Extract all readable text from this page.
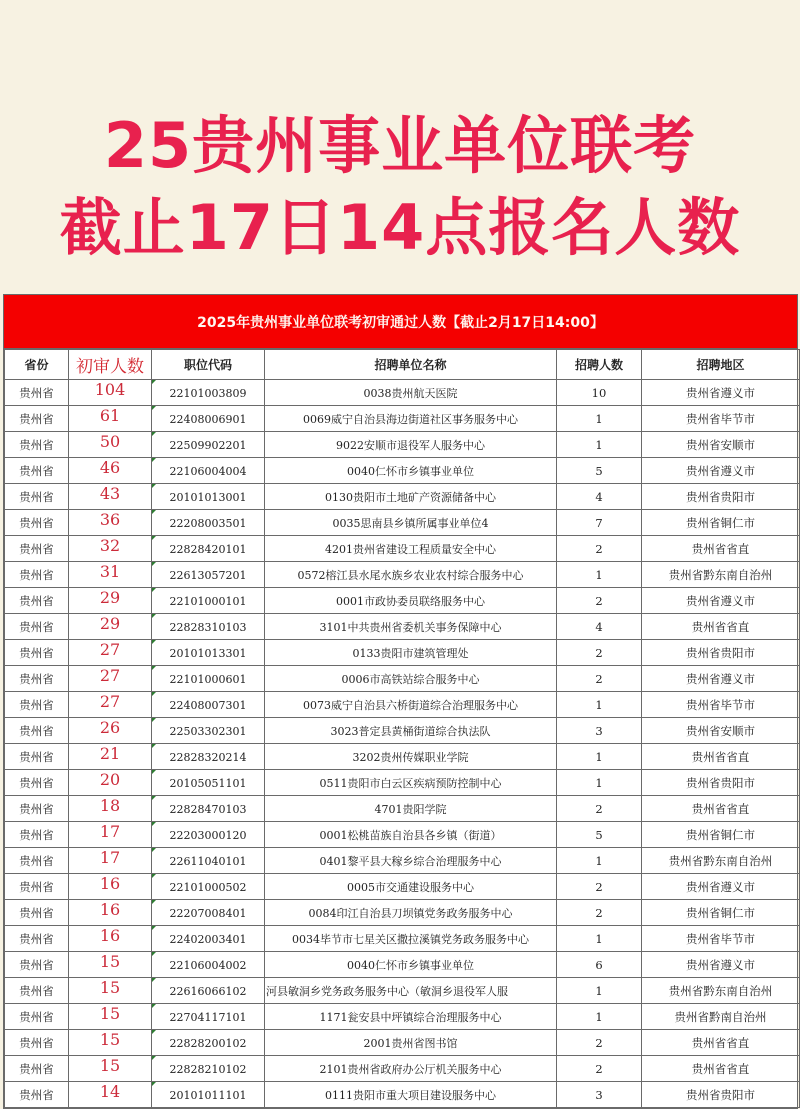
25贵州事业单位联考
截止17日14点报名人数
2025年贵州事业单位联考初审通过人数【截止2月17日14:00】
省份	初审人数	职位代码	招聘单位名称	招聘人数	招聘地区
贵州省	104	22101003809	0038贵州航天医院	10	贵州省遵义市
贵州省	61	22408006901	0069威宁自治县海边街道社区事务服务中心	1	贵州省毕节市
贵州省	50	22509902201	9022安顺市退役军人服务中心	1	贵州省安顺市
贵州省	46	22106004004	0040仁怀市乡镇事业单位	5	贵州省遵义市
贵州省	43	20101013001	0130贵阳市土地矿产资源储备中心	4	贵州省贵阳市
贵州省	36	22208003501	0035思南县乡镇所属事业单位4	7	贵州省铜仁市
贵州省	32	22828420101	4201贵州省建设工程质量安全中心	2	贵州省省直
贵州省	31	22613057201	0572榕江县水尾水族乡农业农村综合服务中心	1	贵州省黔东南自治州
贵州省	29	22101000101	0001市政协委员联络服务中心	2	贵州省遵义市
贵州省	29	22828310103	3101中共贵州省委机关事务保障中心	4	贵州省省直
贵州省	27	20101013301	0133贵阳市建筑管理处	2	贵州省贵阳市
贵州省	27	22101000601	0006市高铁站综合服务中心	2	贵州省遵义市
贵州省	27	22408007301	0073威宁自治县六桥街道综合治理服务中心	1	贵州省毕节市
贵州省	26	22503302301	3023普定县黄桶街道综合执法队	3	贵州省安顺市
贵州省	21	22828320214	3202贵州传媒职业学院	1	贵州省省直
贵州省	20	20105051101	0511贵阳市白云区疾病预防控制中心	1	贵州省贵阳市
贵州省	18	22828470103	4701贵阳学院	2	贵州省省直
贵州省	17	22203000120	0001松桃苗族自治县各乡镇（街道）	5	贵州省铜仁市
贵州省	17	22611040101	0401黎平县大稼乡综合治理服务中心	1	贵州省黔东南自治州
贵州省	16	22101000502	0005市交通建设服务中心	2	贵州省遵义市
贵州省	16	22207008401	0084印江自治县刀坝镇党务政务服务中心	2	贵州省铜仁市
贵州省	16	22402003401	0034毕节市七星关区撒拉溪镇党务政务服务中心	1	贵州省毕节市
贵州省	15	22106004002	0040仁怀市乡镇事业单位	6	贵州省遵义市
贵州省	15	22616066102	河县敏洞乡党务政务服务中心（敏洞乡退役军人服	1	贵州省黔东南自治州
贵州省	15	22704117101	1171瓮安县中坪镇综合治理服务中心	1	贵州省黔南自治州
贵州省	15	22828200102	2001贵州省图书馆	2	贵州省省直
贵州省	15	22828210102	2101贵州省政府办公厅机关服务中心	2	贵州省省直
贵州省	14	20101011101	0111贵阳市重大项目建设服务中心	3	贵州省贵阳市
